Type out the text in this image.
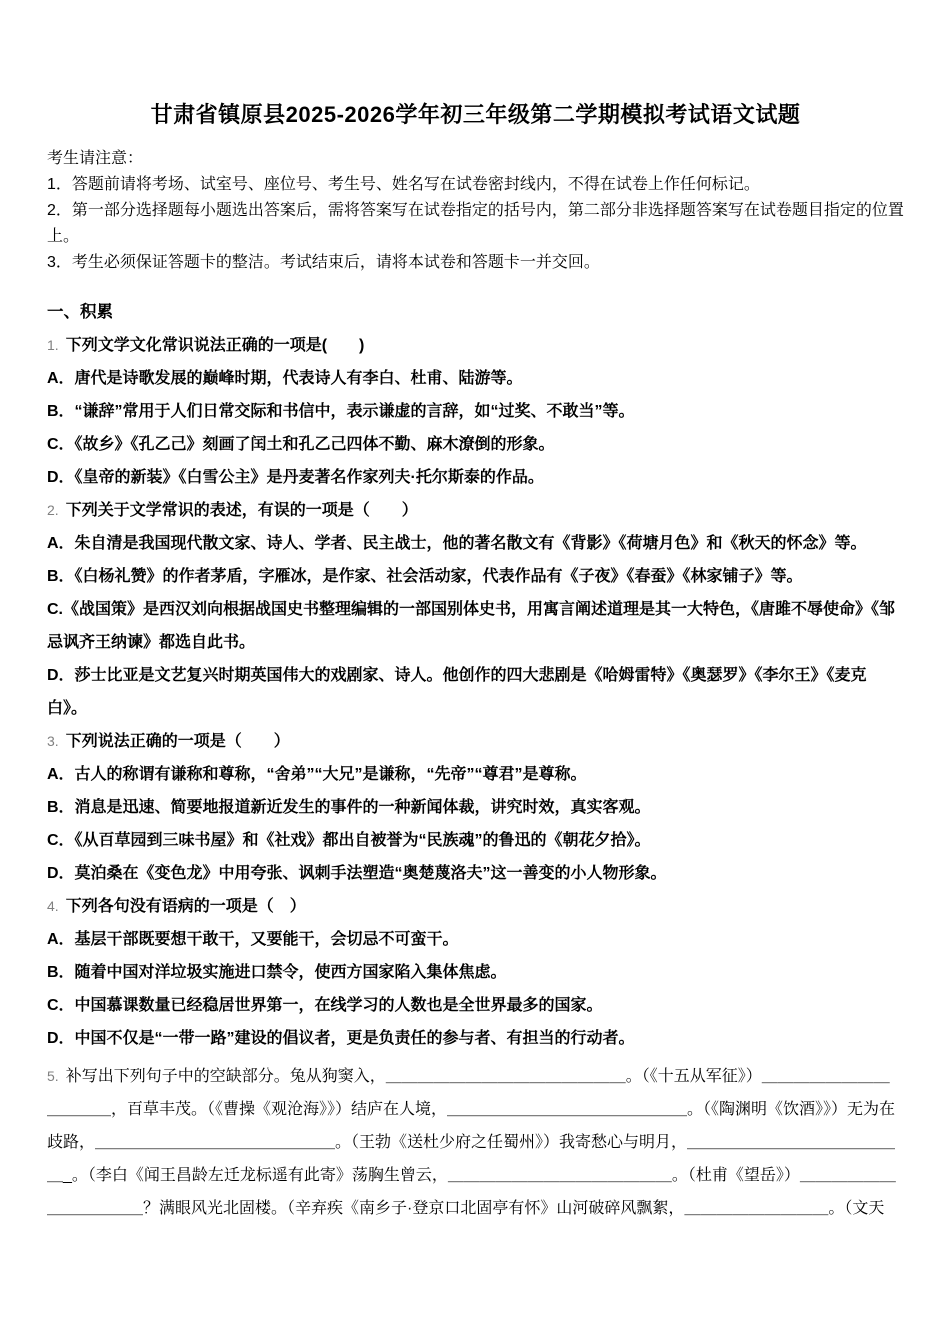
甘肃省镇原县2025-2026学年初三年级第二学期模拟考试语文试题

考生请注意：

1．答题前请将考场、试室号、座位号、考生号、姓名写在试卷密封线内，不得在试卷上作任何标记。

2．第一部分选择题每小题选出答案后，需将答案写在试卷指定的括号内，第二部分非选择题答案写在试卷题目指定的位置上。

3．考生必须保证答题卡的整洁。考试结束后，请将本试卷和答题卡一并交回。

一、积累

1. 下列文学文化常识说法正确的一项是(　　)

A．唐代是诗歌发展的巅峰时期，代表诗人有李白、杜甫、陆游等。

B．“谦辞”常用于人们日常交际和书信中，表示谦虚的言辞，如“过奖、不敢当”等。

C．《故乡》《孔乙己》刻画了闰土和孔乙己四体不勤、麻木潦倒的形象。

D．《皇帝的新装》《白雪公主》是丹麦著名作家列夫·托尔斯泰的作品。

2. 下列关于文学常识的表述，有误的一项是（　　）

A．朱自清是我国现代散文家、诗人、学者、民主战士，他的著名散文有《背影》《荷塘月色》和《秋天的怀念》等。

B．《白杨礼赞》的作者茅盾，字雁冰，是作家、社会活动家，代表作品有《子夜》《春蚕》《林家铺子》等。

C.《战国策》是西汉刘向根据战国史书整理编辑的一部国别体史书，用寓言阐述道理是其一大特色，《唐雎不辱使命》《邹忌讽齐王纳谏》都选自此书。

D．莎士比亚是文艺复兴时期英国伟大的戏剧家、诗人。他创作的四大悲剧是《哈姆雷特》《奥瑟罗》《李尔王》《麦克白》。

3. 下列说法正确的一项是（　　）

A．古人的称谓有谦称和尊称，“舍弟”“大兄”是谦称，“先帝”“尊君”是尊称。

B．消息是迅速、简要地报道新近发生的事件的一种新闻体裁，讲究时效，真实客观。

C．《从百草园到三味书屋》和《社戏》都出自被誉为“民族魂”的鲁迅的《朝花夕拾》。

D．莫泊桑在《变色龙》中用夸张、讽刺手法塑造“奥楚蔑洛夫”这一善变的小人物形象。

4. 下列各句没有语病的一项是（　）

A．基层干部既要想干敢干，又要能干，会切忌不可蛮干。

B．随着中国对洋垃圾实施进口禁令，使西方国家陷入集体焦虑。

C．中国慕课数量已经稳居世界第一，在线学习的人数也是全世界最多的国家。

D．中国不仅是“一带一路”建设的倡议者，更是负责任的参与者、有担当的行动者。

5. 补写出下列句子中的空缺部分。兔从狗窦入，＿＿＿＿＿＿＿＿＿＿＿＿＿＿＿。（《十五从军征》）＿＿＿＿＿＿＿＿＿＿＿＿，百草丰茂。（《曹操《观沧海》》）结庐在人境，＿＿＿＿＿＿＿＿＿＿＿＿＿＿＿。（《陶渊明《饮酒》》）无为在歧路，＿＿＿＿＿＿＿＿＿＿＿＿＿＿＿。（王勃《送杜少府之任蜀州》）我寄愁心与明月，＿＿＿＿＿＿＿＿＿＿＿＿＿＿_。（李白《闻王昌龄左迁龙标遥有此寄》荡胸生曾云，＿＿＿＿＿＿＿＿＿＿＿＿＿＿。（杜甫《望岳》）＿＿＿＿＿＿＿＿＿＿＿＿？满眼风光北固楼。（辛弃疾《南乡子·登京口北固亭有怀》山河破碎风飘絮，＿＿＿＿＿＿＿＿＿。（文天
